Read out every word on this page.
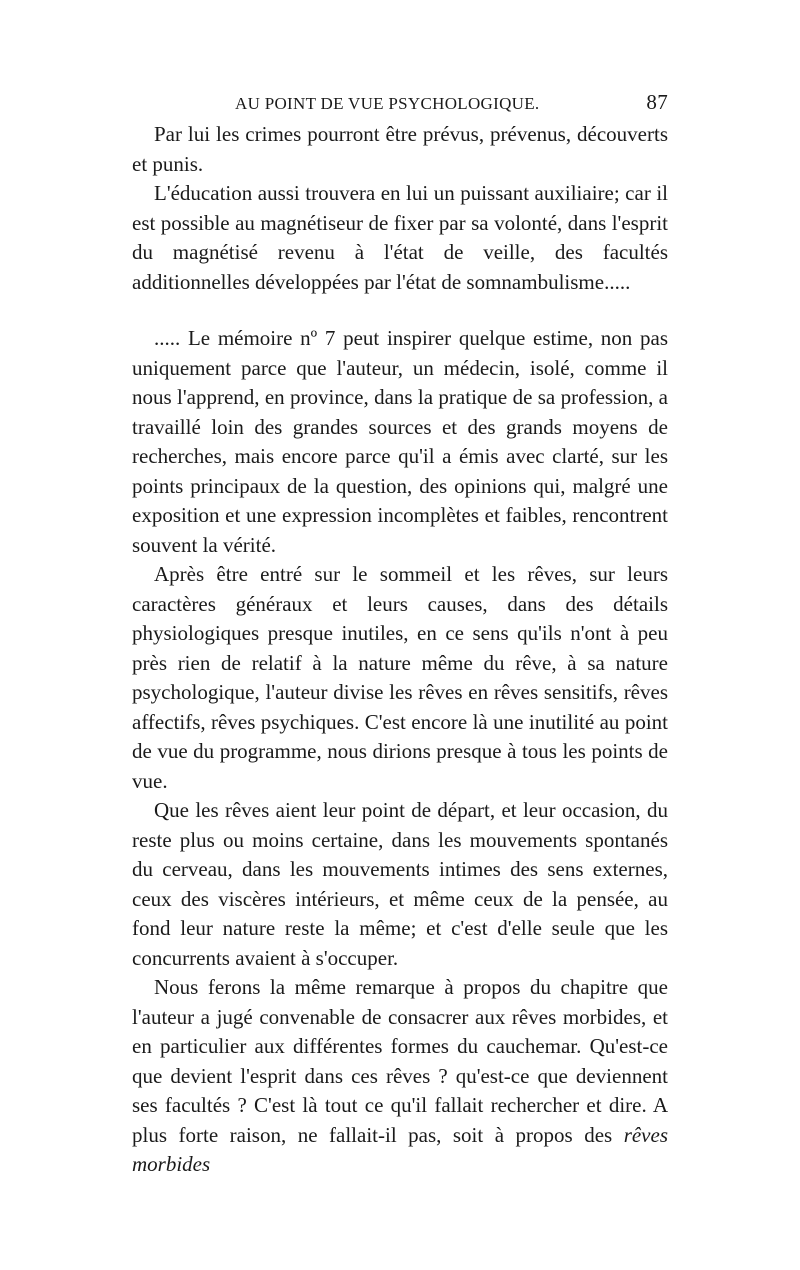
AU POINT DE VUE PSYCHOLOGIQUE.	87

Par lui les crimes pourront être prévus, prévenus, découverts et punis.

L'éducation aussi trouvera en lui un puissant auxiliaire; car il est possible au magnétiseur de fixer par sa volonté, dans l'esprit du magnétisé revenu à l'état de veille, des facultés additionnelles développées par l'état de somnambulisme.....

..... Le mémoire nº 7 peut inspirer quelque estime, non pas uniquement parce que l'auteur, un médecin, isolé, comme il nous l'apprend, en province, dans la pratique de sa profession, a travaillé loin des grandes sources et des grands moyens de recherches, mais encore parce qu'il a émis avec clarté, sur les points principaux de la question, des opinions qui, malgré une exposition et une expression incomplètes et faibles, rencontrent souvent la vérité.

Après être entré sur le sommeil et les rêves, sur leurs caractères généraux et leurs causes, dans des détails physiologiques presque inutiles, en ce sens qu'ils n'ont à peu près rien de relatif à la nature même du rêve, à sa nature psychologique, l'auteur divise les rêves en rêves sensitifs, rêves affectifs, rêves psychiques. C'est encore là une inutilité au point de vue du programme, nous dirions presque à tous les points de vue.

Que les rêves aient leur point de départ, et leur occasion, du reste plus ou moins certaine, dans les mouvements spontanés du cerveau, dans les mouvements intimes des sens externes, ceux des viscères intérieurs, et même ceux de la pensée, au fond leur nature reste la même; et c'est d'elle seule que les concurrents avaient à s'occuper.

Nous ferons la même remarque à propos du chapitre que l'auteur a jugé convenable de consacrer aux rêves morbides, et en particulier aux différentes formes du cauchemar. Qu'est-ce que devient l'esprit dans ces rêves ? qu'est-ce que deviennent ses facultés ? C'est là tout ce qu'il fallait rechercher et dire. A plus forte raison, ne fallait-il pas, soit à propos des rêves morbides
